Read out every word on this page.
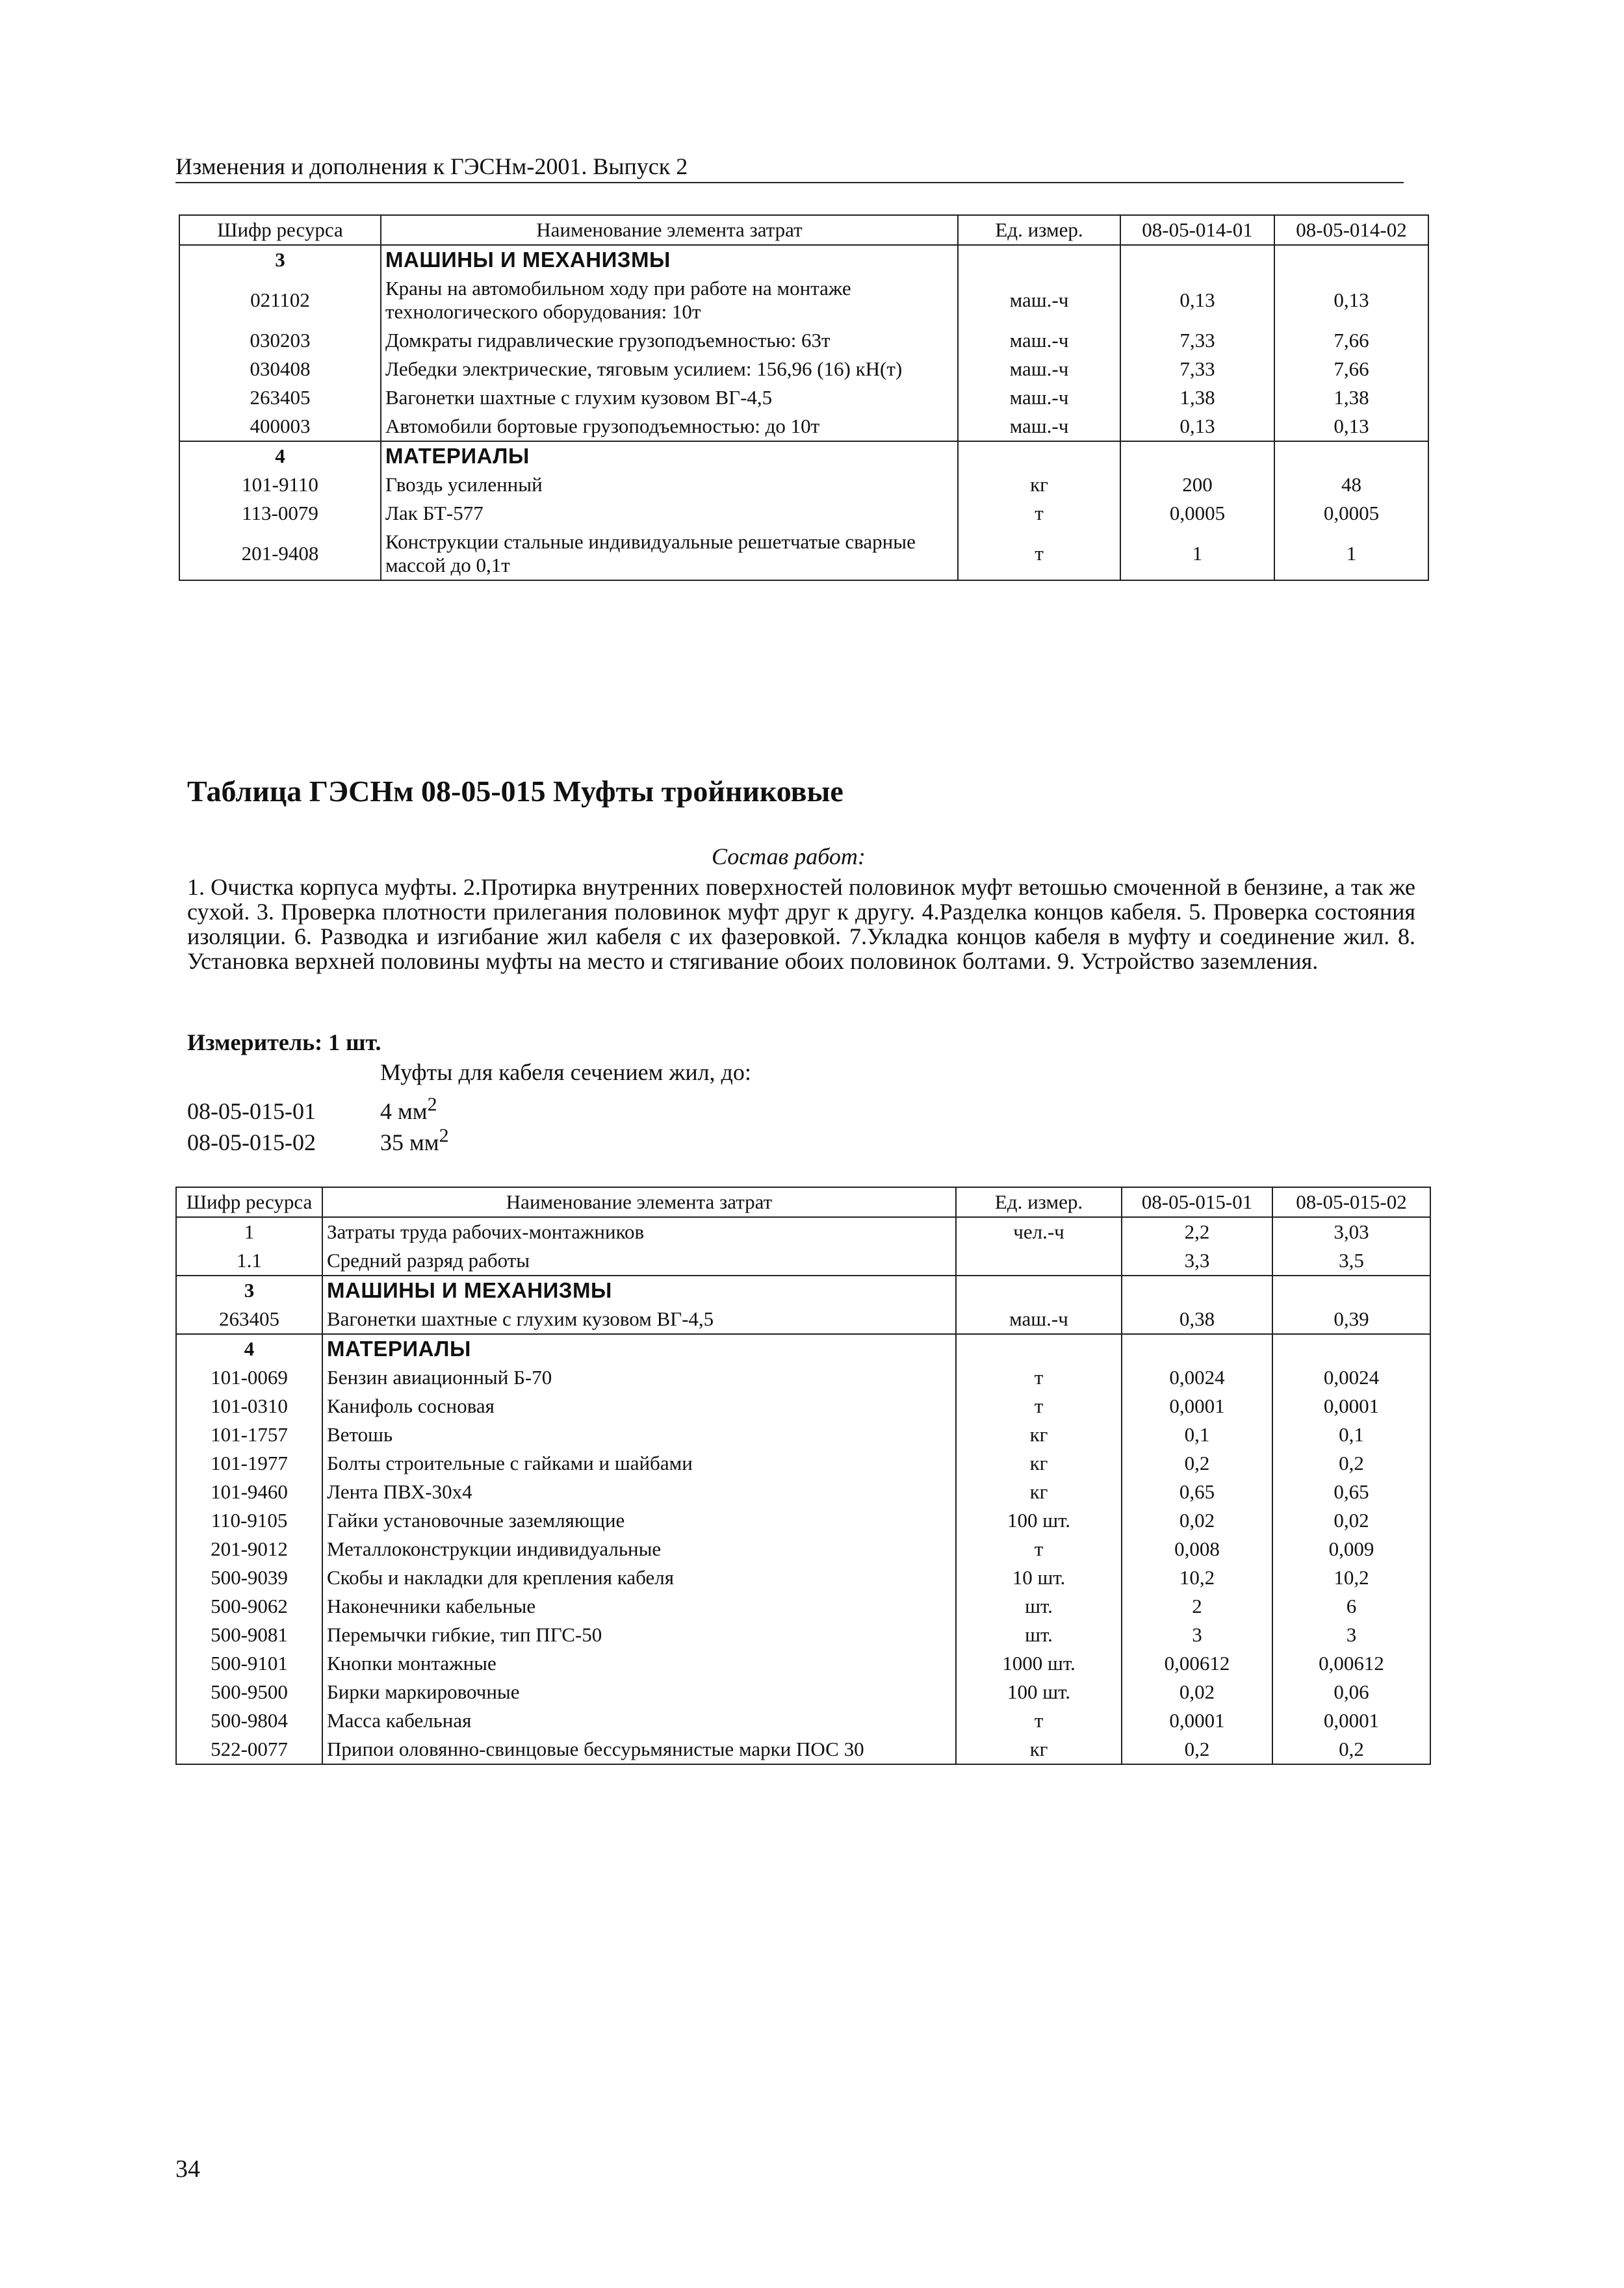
Изменения и дополнения к ГЭСНм-2001. Выпуск 2
Шифр ресурса	Наименование элемента затрат	Ед. измер.	08-05-014-01	08-05-014-02
3	МАШИНЫ И МЕХАНИЗМЫ			
021102	Краны на автомобильном ходу при работе на монтаже технологического оборудования: 10т	маш.-ч	0,13	0,13
030203	Домкраты гидравлические грузоподъемностью: 63т	маш.-ч	7,33	7,66
030408	Лебедки электрические, тяговым усилием: 156,96 (16) кН(т)	маш.-ч	7,33	7,66
263405	Вагонетки шахтные с глухим кузовом ВГ-4,5	маш.-ч	1,38	1,38
400003	Автомобили бортовые грузоподъемностью: до 10т	маш.-ч	0,13	0,13
4	МАТЕРИАЛЫ			
101-9110	Гвоздь усиленный	кг	200	48
113-0079	Лак БТ-577	т	0,0005	0,0005
201-9408	Конструкции стальные индивидуальные решетчатые сварные массой до 0,1т	т	1	1
Таблица ГЭСНм 08-05-015 Муфты тройниковые
Состав работ:
1. Очистка корпуса муфты. 2.Протирка внутренних поверхностей половинок муфт ветошью смоченной в бензине, а так же сухой. 3. Проверка плотности прилегания половинок муфт друг к другу. 4.Разделка концов кабеля. 5. Проверка состояния изоляции. 6. Разводка и изгибание жил кабеля с их фазеровкой. 7.Укладка концов кабеля в муфту и соединение жил. 8. Установка верхней половины муфты на место и стягивание обоих половинок болтами. 9. Устройство заземления.
Измеритель: 1 шт.
Муфты для кабеля сечением жил, до:
08-05-015-01	4 $мм^2$
08-05-015-02	35 $мм^2$
Шифр ресурса	Наименование элемента затрат	Ед. измер.	08-05-015-01	08-05-015-02
1	Затраты труда рабочих-монтажников	чел.-ч	2,2	3,03
1.1	Средний разряд работы		3,3	3,5
3	МАШИНЫ И МЕХАНИЗМЫ			
263405	Вагонетки шахтные с глухим кузовом ВГ-4,5	маш.-ч	0,38	0,39
4	МАТЕРИАЛЫ			
101-0069	Бензин авиационный Б-70	т	0,0024	0,0024
101-0310	Канифоль сосновая	т	0,0001	0,0001
101-1757	Ветошь	кг	0,1	0,1
101-1977	Болты строительные с гайками и шайбами	кг	0,2	0,2
101-9460	Лента ПВХ-30х4	кг	0,65	0,65
110-9105	Гайки установочные заземляющие	100 шт.	0,02	0,02
201-9012	Металлоконструкции индивидуальные	т	0,008	0,009
500-9039	Скобы и накладки для крепления кабеля	10 шт.	10,2	10,2
500-9062	Наконечники кабельные	шт.	2	6
500-9081	Перемычки гибкие, тип ПГС-50	шт.	3	3
500-9101	Кнопки монтажные	1000 шт.	0,00612	0,00612
500-9500	Бирки маркировочные	100 шт.	0,02	0,06
500-9804	Масса кабельная	т	0,0001	0,0001
522-0077	Припои оловянно-свинцовые бессурьмянистые марки ПОС 30	кг	0,2	0,2
34
